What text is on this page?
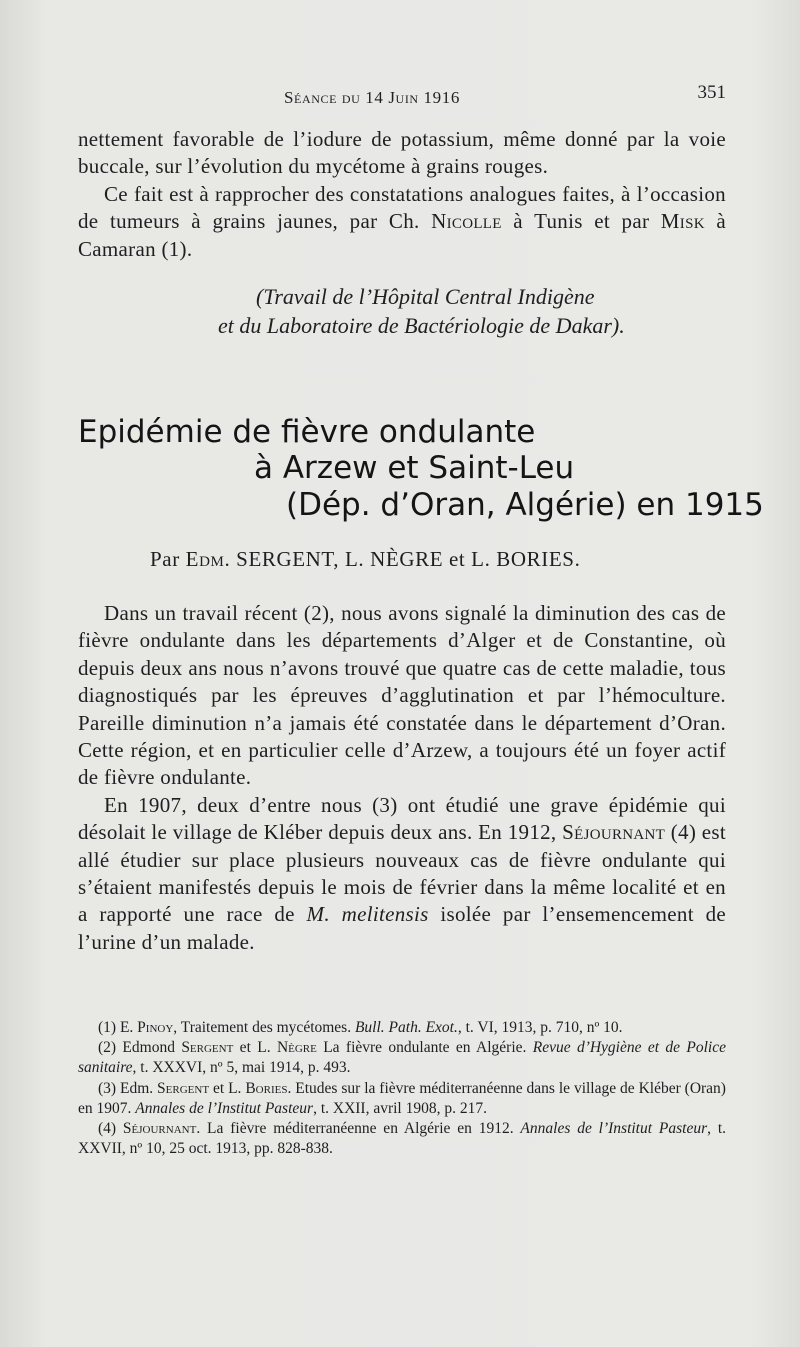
Séance du 14 Juin 1916	351

nettement favorable de l’iodure de potassium, même donné par la voie buccale, sur l’évolution du mycétome à grains rouges.

Ce fait est à rapprocher des constatations analogues faites, à l’occasion de tumeurs à grains jaunes, par Ch. Nicolle à Tunis et par Misk à Camaran (1).

(Travail de l’Hôpital Central Indigène
et du Laboratoire de Bactériologie de Dakar).
Epidémie de fièvre ondulante
à Arzew et Saint-Leu
(Dép. d’Oran, Algérie) en 1915
Par Edm. SERGENT, L. NÈGRE et L. BORIES.

Dans un travail récent (2), nous avons signalé la diminution des cas de fièvre ondulante dans les départements d’Alger et de Constantine, où depuis deux ans nous n’avons trouvé que quatre cas de cette maladie, tous diagnostiqués par les épreuves d’agglutination et par l’hémoculture. Pareille diminution n’a jamais été constatée dans le département d’Oran. Cette région, et en particulier celle d’Arzew, a toujours été un foyer actif de fièvre ondulante.

En 1907, deux d’entre nous (3) ont étudié une grave épidémie qui désolait le village de Kléber depuis deux ans. En 1912, Séjournant (4) est allé étudier sur place plusieurs nouveaux cas de fièvre ondulante qui s’étaient manifestés depuis le mois de février dans la même localité et en a rapporté une race de M. melitensis isolée par l’ensemencement de l’urine d’un malade.

(1) E. Pinoy, Traitement des mycétomes. Bull. Path. Exot., t. VI, 1913, p. 710, nº 10.

(2) Edmond Sergent et L. Nègre La fièvre ondulante en Algérie. Revue d’Hygiène et de Police sanitaire, t. XXXVI, nº 5, mai 1914, p. 493.

(3) Edm. Sergent et L. Bories. Etudes sur la fièvre méditerranéenne dans le village de Kléber (Oran) en 1907. Annales de l’Institut Pasteur, t. XXII, avril 1908, p. 217.

(4) Séjournant. La fièvre méditerranéenne en Algérie en 1912. Annales de l’Institut Pasteur, t. XXVII, nº 10, 25 oct. 1913, pp. 828-838.
